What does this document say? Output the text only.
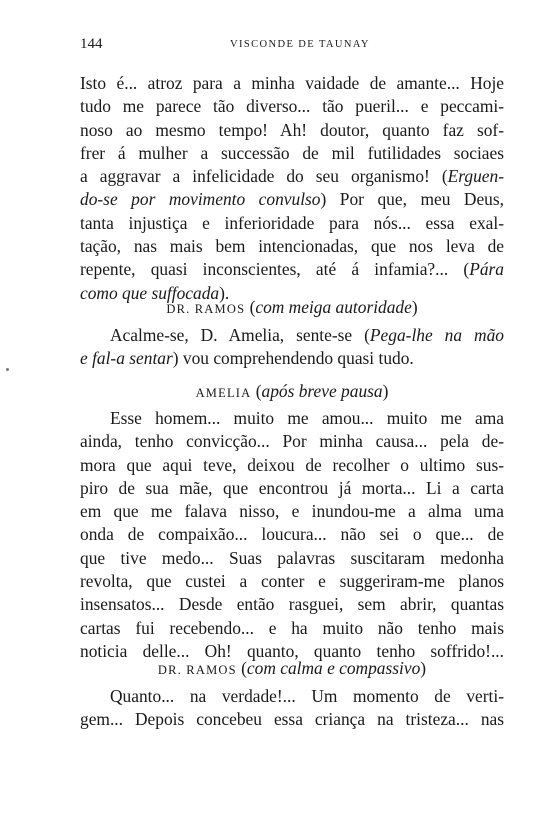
144	VISCONDE DE TAUNAY
Isto é... atroz para a minha vaidade de amante... Hoje
tudo me parece tão diverso... tão pueril... e peccami-
noso ao mesmo tempo! Ah! doutor, quanto faz sof-
frer á mulher a successão de mil futilidades sociaes
a aggravar a infelicidade do seu organismo! (Erguen-
do-se por movimento convulso) Por que, meu Deus,
tanta injustiça e inferioridade para nós... essa exal-
tação, nas mais bem intencionadas, que nos leva de
repente, quasi inconscientes, até á infamia?... (Pára
como que suffocada).
DR. RAMOS (com meiga autoridade)
Acalme-se, D. Amelia, sente-se (Pega-lhe na mão
e fal-a sentar) vou comprehendendo quasi tudo.
AMELIA (após breve pausa)
Esse homem... muito me amou... muito me ama
ainda, tenho convicção... Por minha causa... pela de-
mora que aqui teve, deixou de recolher o ultimo sus-
piro de sua mãe, que encontrou já morta... Li a carta
em que me falava nisso, e inundou-me a alma uma
onda de compaixão... loucura... não sei o que... de
que tive medo... Suas palavras suscitaram medonha
revolta, que custei a conter e suggeriram-me planos
insensatos... Desde então rasguei, sem abrir, quantas
cartas fui recebendo... e ha muito não tenho mais
noticia delle... Oh! quanto, quanto tenho soffrido!...
DR. RAMOS (com calma e compassivo)
Quanto... na verdade!... Um momento de verti-
gem... Depois concebeu essa criança na tristeza... nas
